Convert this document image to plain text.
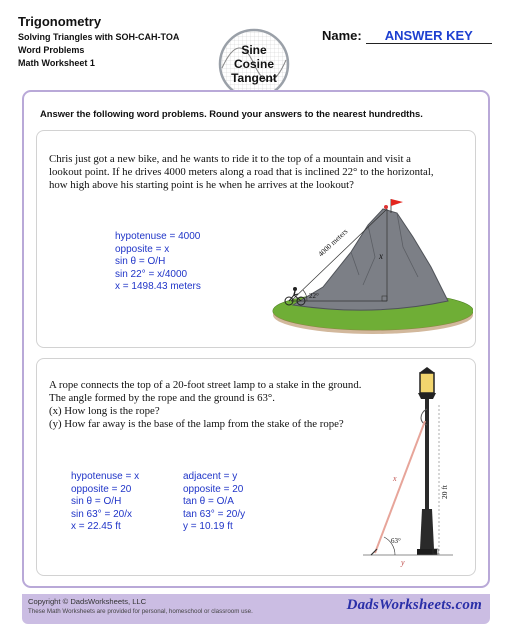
Trigonometry
Solving Triangles with SOH-CAH-TOA
Word Problems
Math Worksheet 1
Name: ANSWER KEY
Sine
Cosine
Tangent
Answer the following word problems. Round your answers to the nearest hundredths.
Chris just got a new bike, and he wants to ride it to the top of a mountain and visit a
lookout point. If he drives 4000 meters along a road that is inclined 22° to the horizontal,
how high above his starting point is he when he arrives at the lookout?
hypotenuse = 4000
opposite = x
sin θ = O/H
sin 22° = x/4000
x = 1498.43 meters
22°
x
4000 meters
A rope connects the top of a 20-foot street lamp to a stake in the ground.
The angle formed by the rope and the ground is 63°.
(x) How long is the rope?
(y) How far away is the base of the lamp from the stake of the rope?
hypotenuse = x
opposite = 20
sin θ = O/H
sin 63° = 20/x
x = 22.45 ft
adjacent = y
opposite = 20
tan θ = O/A
tan 63° = 20/y
y = 10.19 ft
63°
x
20 ft
y
Copyright © DadsWorksheets, LLC
These Math Worksheets are provided for personal, homeschool or classroom use.	DadsWorksheets.com
